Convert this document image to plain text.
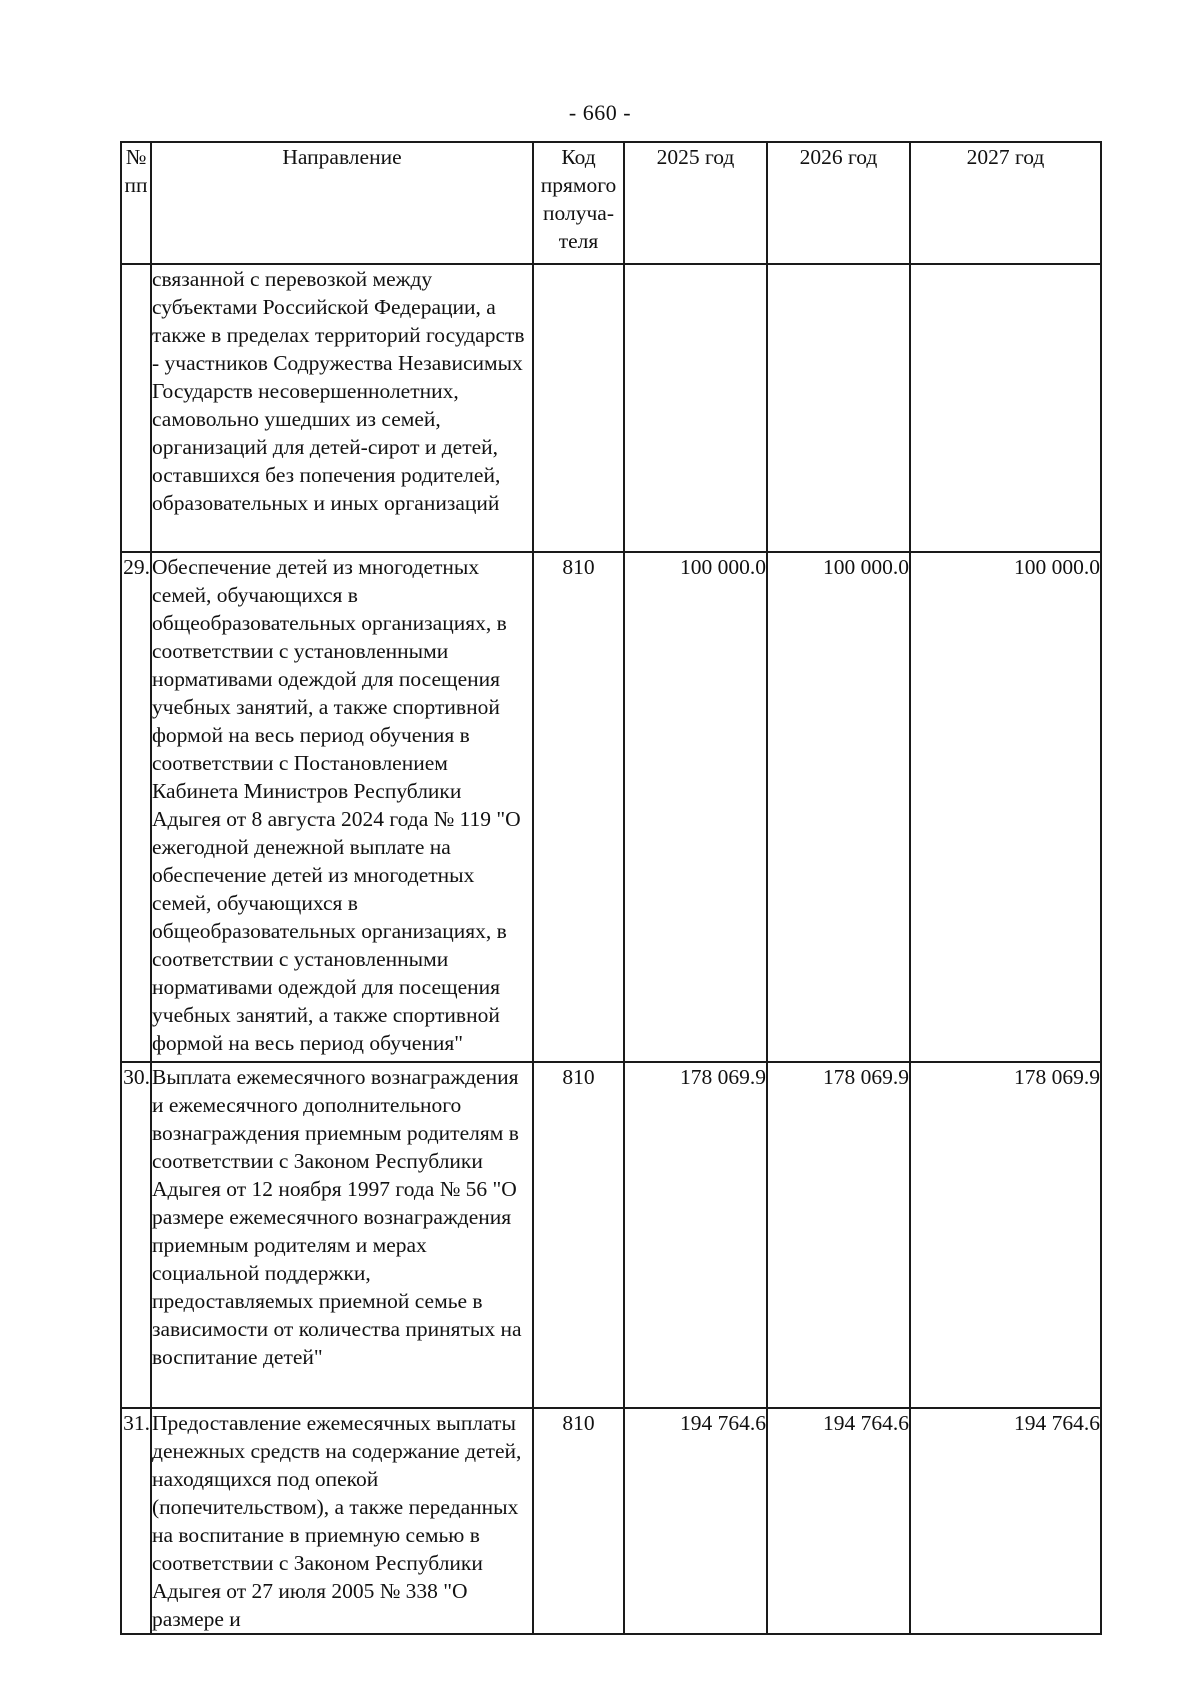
- 660 -
№ пп	Направление	Код прямого получа-теля	2025 год	2026 год	2027 год
	связанной с перевозкой между субъектами Российской Федерации, а также в пределах территорий государств - участников Содружества Независимых Государств несовершеннолетних, самовольно ушедших из семей, организаций для детей-сирот и детей, оставшихся без попечения родителей, образовательных и иных организаций				
29.	Обеспечение детей из многодетных семей, обучающихся в общеобразовательных организациях, в соответствии с установленными нормативами одеждой для посещения учебных занятий, а также спортивной формой на весь период обучения в соответствии с Постановлением Кабинета Министров Республики Адыгея от 8 августа 2024 года № 119 "О ежегодной денежной выплате на обеспечение детей из многодетных семей, обучающихся в общеобразовательных организациях, в соответствии с установленными нормативами одеждой для посещения учебных занятий, а также спортивной формой на весь период обучения"	810	100 000.0	100 000.0	100 000.0
30.	Выплата ежемесячного вознаграждения и ежемесячного дополнительного вознаграждения приемным родителям в соответствии с Законом Республики Адыгея от 12 ноября 1997 года № 56 "О размере ежемесячного вознаграждения приемным родителям и мерах социальной поддержки, предоставляемых приемной семье в зависимости от количества принятых на воспитание детей"	810	178 069.9	178 069.9	178 069.9
31.	Предоставление ежемесячных выплаты денежных средств на содержание детей, находящихся под опекой (попечительством), а также переданных на воспитание в приемную семью в соответствии с Законом Республики Адыгея от 27 июля 2005 № 338 "О размере и	810	194 764.6	194 764.6	194 764.6
